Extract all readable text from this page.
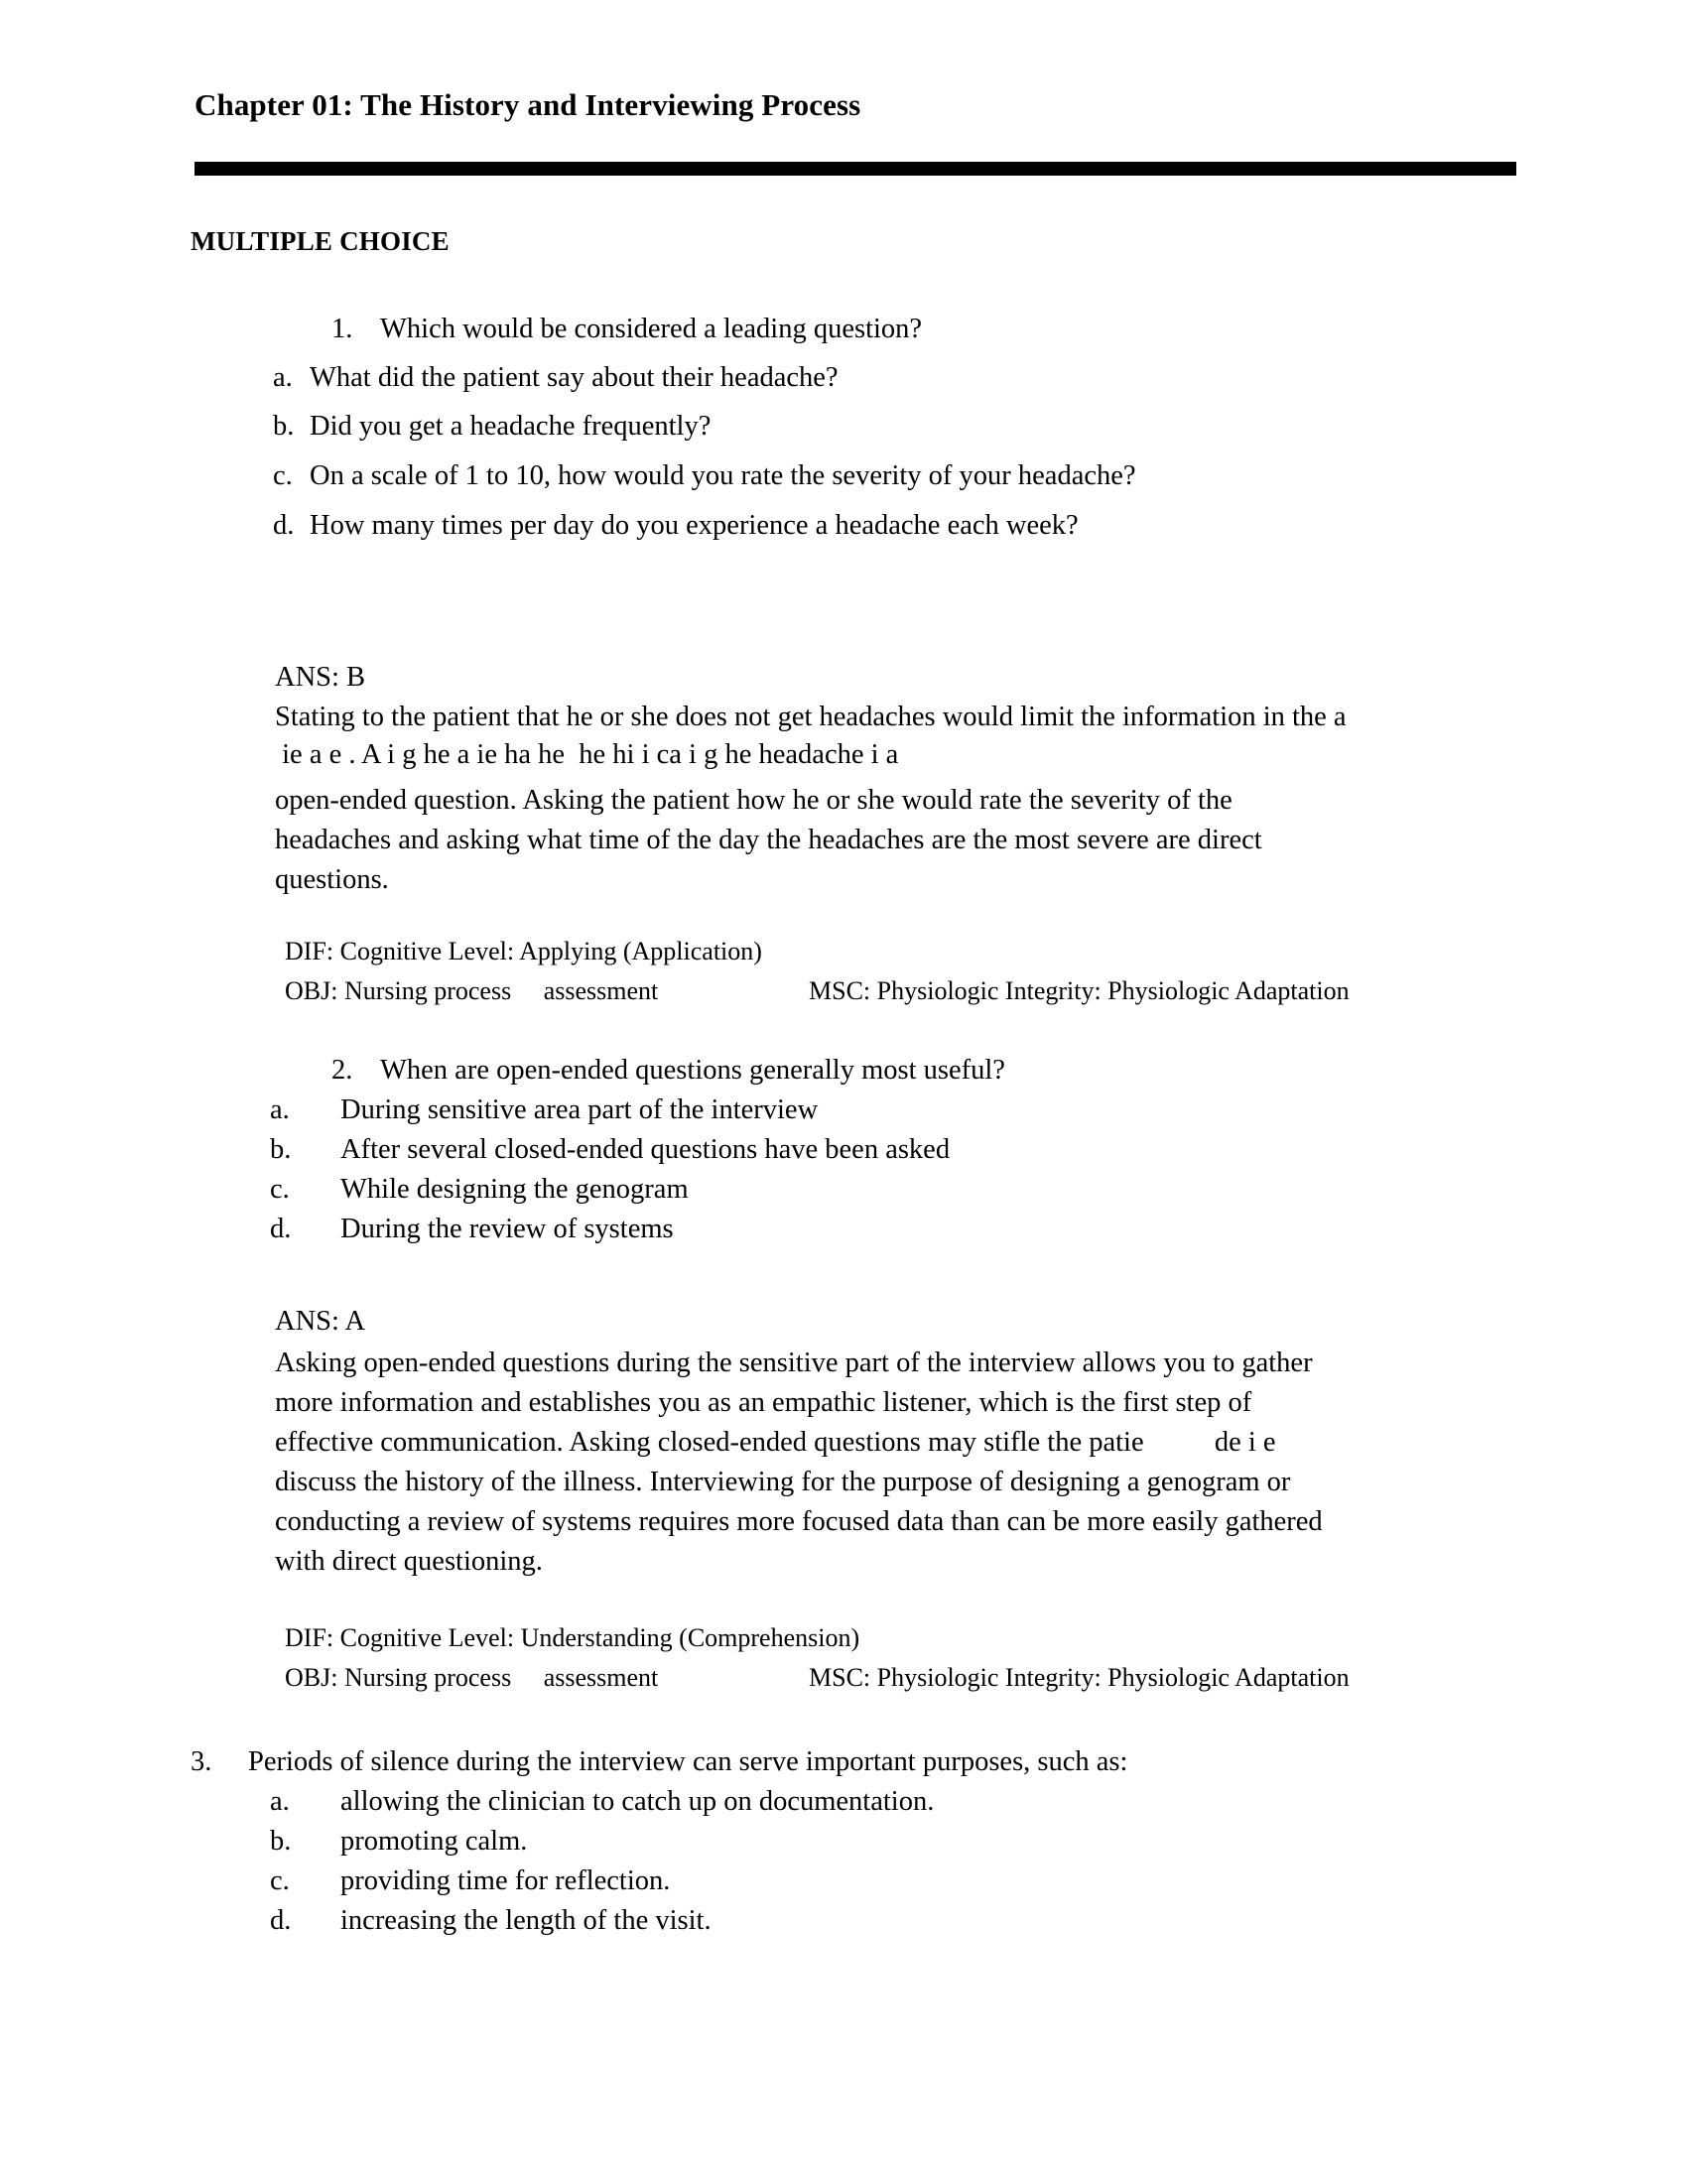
Chapter 01: The History and Interviewing Process
MULTIPLE CHOICE
1. Which would be considered a leading question?
a. What did the patient say about their headache?
b. Did you get a headache frequently?
c. On a scale of 1 to 10, how would you rate the severity of your headache?
d. How many times per day do you experience a headache each week?
ANS: B
Stating to the patient that he or she does not get headaches would limit the information in the a
ie a e . A i g he a ie ha he  he hi i ca i g he headache i a
open-ended question. Asking the patient how he or she would rate the severity of the
headaches and asking what time of the day the headaches are the most severe are direct
questions.
DIF: Cognitive Level: Applying (Application)
OBJ: Nursing process     assessment	MSC: Physiologic Integrity: Physiologic Adaptation
2. When are open-ended questions generally most useful?
a. During sensitive area part of the interview
b. After several closed-ended questions have been asked
c. While designing the genogram
d. During the review of systems
ANS: A
Asking open-ended questions during the sensitive part of the interview allows you to gather
more information and establishes you as an empathic listener, which is the first step of
effective communication. Asking closed-ended questions may stifle the patie          de i e
discuss the history of the illness. Interviewing for the purpose of designing a genogram or
conducting a review of systems requires more focused data than can be more easily gathered
with direct questioning.
DIF: Cognitive Level: Understanding (Comprehension)
OBJ: Nursing process     assessment	MSC: Physiologic Integrity: Physiologic Adaptation
3. Periods of silence during the interview can serve important purposes, such as:
a. allowing the clinician to catch up on documentation.
b. promoting calm.
c. providing time for reflection.
d. increasing the length of the visit.
